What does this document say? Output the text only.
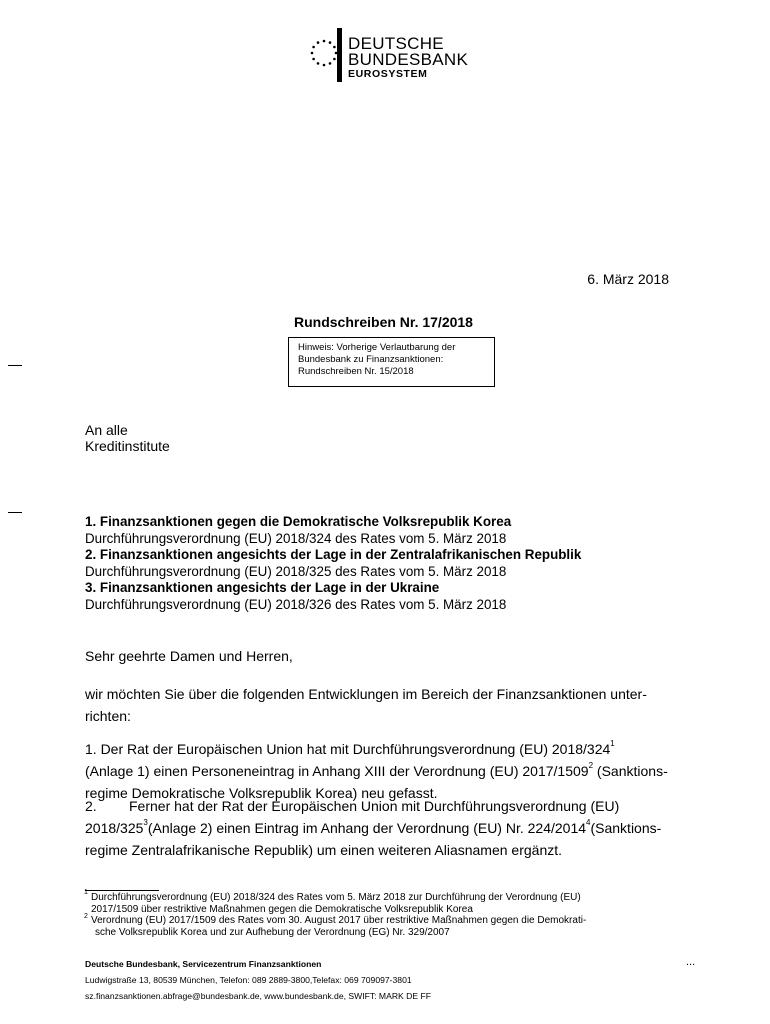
DEUTSCHE
BUNDESBANK
EUROSYSTEM
6. März 2018
Rundschreiben Nr. 17/2018
Hinweis: Vorherige Verlautbarung der
Bundesbank zu Finanzsanktionen:
Rundschreiben Nr. 15/2018
An alle
Kreditinstitute
1. Finanzsanktionen gegen die Demokratische Volksrepublik Korea
Durchführungsverordnung (EU) 2018/324 des Rates vom 5. März 2018
2. Finanzsanktionen angesichts der Lage in der Zentralafrikanischen Republik
Durchführungsverordnung (EU) 2018/325 des Rates vom 5. März 2018
3. Finanzsanktionen angesichts der Lage in der Ukraine
Durchführungsverordnung (EU) 2018/326 des Rates vom 5. März 2018
Sehr geehrte Damen und Herren,
wir möchten Sie über die folgenden Entwicklungen im Bereich der Finanzsanktionen unter-
richten:
1. Der Rat der Europäischen Union hat mit Durchführungsverordnung (EU) $2018/324^1$
(Anlage 1) einen Personeneintrag in Anhang XIII der Verordnung (EU) 2017/1509$^2$ (Sanktions-
regime Demokratische Volksrepublik Korea) neu gefasst.
2. Ferner hat der Rat der Europäischen Union mit Durchführungsverordnung (EU)
$2018/325^3(Anlage$ 2) einen Eintrag im Anhang der Verordnung (EU) Nr. 224/2014$^4$(Sanktions-
regime Zentralafrikanische Republik) um einen weiteren Aliasnamen ergänzt.
1 Durchführungsverordnung (EU) 2018/324 des Rates vom 5. März 2018 zur Durchführung der Verordnung (EU)
2017/1509 über restriktive Maßnahmen gegen die Demokratische Volksrepublik Korea
2 Verordnung (EU) 2017/1509 des Rates vom 30. August 2017 über restriktive Maßnahmen gegen die Demokrati-
sche Volksrepublik Korea und zur Aufhebung der Verordnung (EG) Nr. 329/2007
Deutsche Bundesbank, Servicezentrum Finanzsanktionen
Ludwigstraße 13, 80539 München, Telefon: 089 2889-3800,Telefax: 069 709097-3801
sz.finanzsanktionen.abfrage@bundesbank.de, www.bundesbank.de, SWIFT: MARK DE FF
...
